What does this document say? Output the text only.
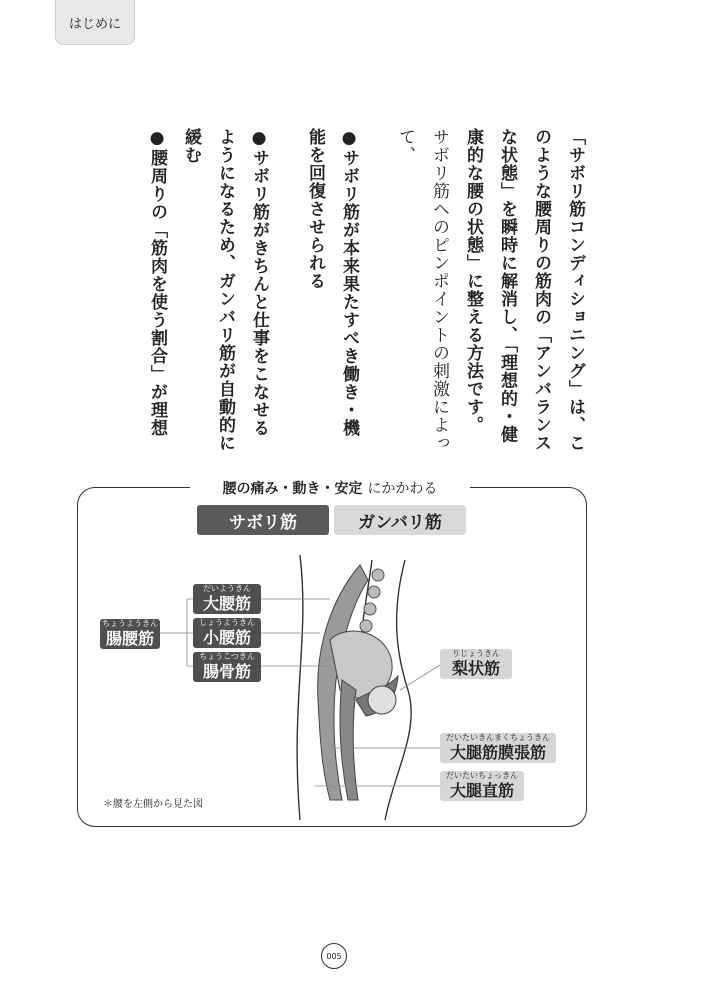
はじめに

「サボリ筋コンディショニング」は、このような腰周りの筋肉の「アンバランスな状態」を瞬時に解消し、「理想的・健康的な腰の状態」に整える方法です。

サボリ筋へのピンポイントの刺激によって、

●サボリ筋が本来果たすべき働き・機能を回復させられる

●サボリ筋がきちんと仕事をこなせるようになるため、ガンバリ筋が自動的に緩む

●腰周りの「筋肉を使う割合」が理想

腰の痛み・動き・安定 にかかわる
サボリ筋	ガンバリ筋
ちょうようきん
腸腰筋
だいようきん
大腰筋
しょうようきん
小腰筋
ちょうこつきん
腸骨筋
りじょうきん
梨状筋
だいたいきんまくちょうきん
大腿筋膜張筋
だいたいちょっきん
大腿直筋
＊腰を左側から見た図
005
